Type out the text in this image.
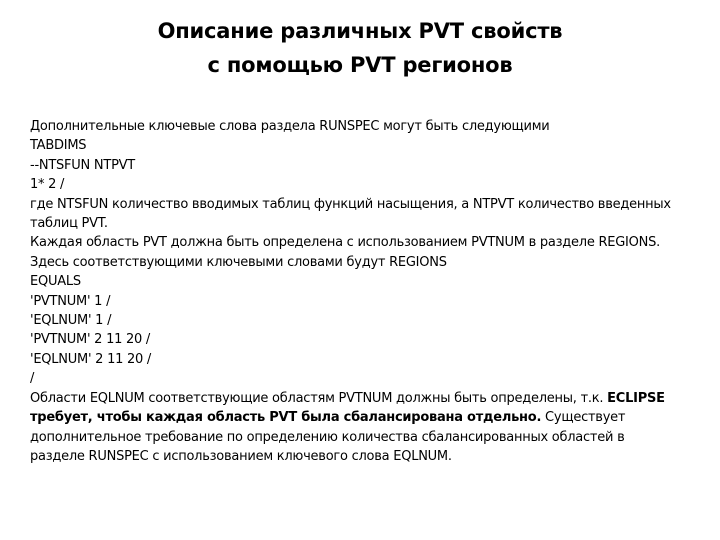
Описание различных PVT свойств
с помощью PVT регионов
Дополнительные ключевые слова раздела RUNSPEC могут быть следующими
TABDIMS
--NTSFUN NTPVT
1* 2 /
где NTSFUN количество вводимых таблиц функций насыщения, а NTPVT количество введенных
таблиц PVT.
Каждая область PVT должна быть определена с использованием PVTNUM в разделе REGIONS.
Здесь соответствующими ключевыми словами будут REGIONS
EQUALS
'PVTNUM' 1 /
'EQLNUM' 1 /
'PVTNUM' 2 11 20 /
'EQLNUM' 2 11 20 /
/
Области EQLNUM соответствующие областям PVTNUM должны быть определены, т.к. ECLIPSE
требует, чтобы каждая область PVT была сбалансирована отдельно. Существует
дополнительное требование по определению количества сбалансированных областей в
разделе RUNSPEC с использованием ключевого слова EQLNUM.
